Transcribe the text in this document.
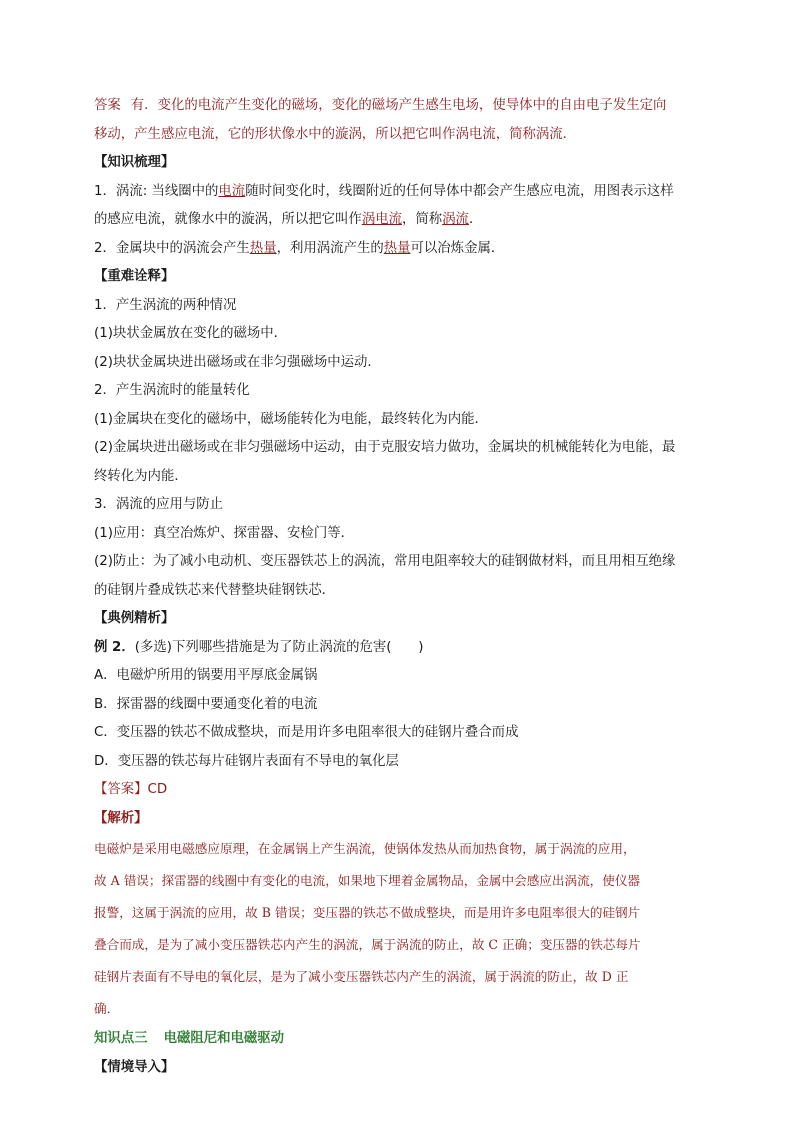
答案 有．变化的电流产生变化的磁场，变化的磁场产生感生电场，使导体中的自由电子发生定向
移动，产生感应电流，它的形状像水中的漩涡，所以把它叫作涡电流，简称涡流．
【知识梳理】
1．涡流: 当线圈中的电流随时间变化时，线圈附近的任何导体中都会产生感应电流，用图表示这样
的感应电流，就像水中的漩涡，所以把它叫作涡电流，简称涡流．
2．金属块中的涡流会产生热量，利用涡流产生的热量可以冶炼金属．
【重难诠释】
1．产生涡流的两种情况
(1)块状金属放在变化的磁场中．
(2)块状金属块进出磁场或在非匀强磁场中运动．
2．产生涡流时的能量转化
(1)金属块在变化的磁场中，磁场能转化为电能，最终转化为内能．
(2)金属块进出磁场或在非匀强磁场中运动，由于克服安培力做功，金属块的机械能转化为电能，最
终转化为内能．
3．涡流的应用与防止
(1)应用：真空冶炼炉、探雷器、安检门等．
(2)防止：为了减小电动机、变压器铁芯上的涡流，常用电阻率较大的硅钢做材料，而且用相互绝缘
的硅钢片叠成铁芯来代替整块硅钢铁芯．
【典例精析】
例 2．(多选)下列哪些措施是为了防止涡流的危害(　　)
A．电磁炉所用的锅要用平厚底金属锅
B．探雷器的线圈中要通变化着的电流
C．变压器的铁芯不做成整块，而是用许多电阻率很大的硅钢片叠合而成
D．变压器的铁芯每片硅钢片表面有不导电的氧化层
【答案】CD
【解析】
电磁炉是采用电磁感应原理，在金属锅上产生涡流，使锅体发热从而加热食物，属于涡流的应用，
故 A 错误；探雷器的线圈中有变化的电流，如果地下埋着金属物品，金属中会感应出涡流，使仪器
报警，这属于涡流的应用，故 B 错误；变压器的铁芯不做成整块，而是用许多电阻率很大的硅钢片
叠合而成，是为了减小变压器铁芯内产生的涡流，属于涡流的防止，故 C 正确；变压器的铁芯每片
硅钢片表面有不导电的氧化层，是为了减小变压器铁芯内产生的涡流，属于涡流的防止，故 D 正
确．
知识点三 电磁阻尼和电磁驱动
【情境导入】
